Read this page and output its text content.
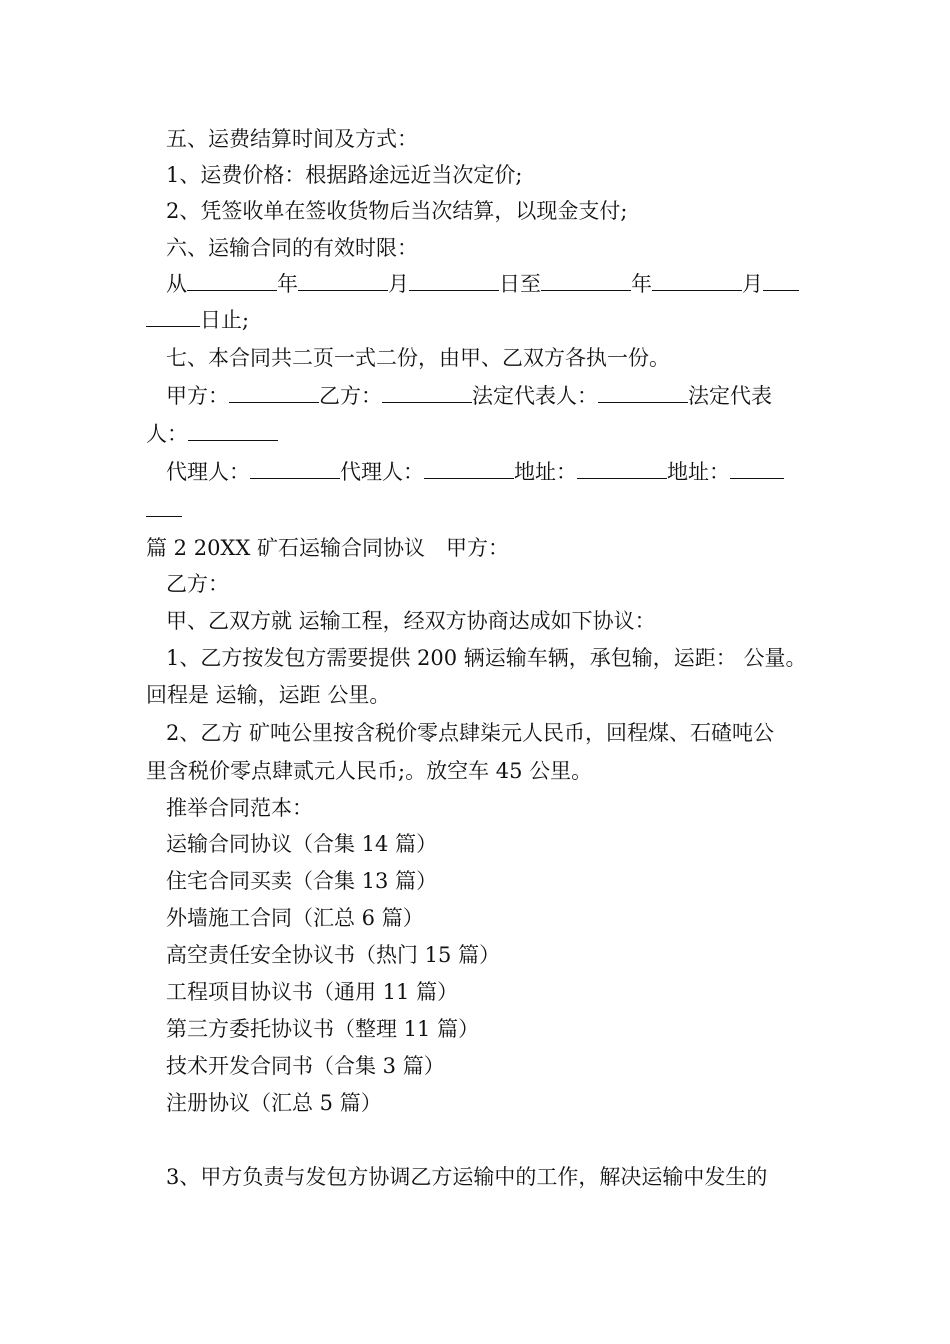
五、运费结算时间及方式：
1、运费价格：根据路途远近当次定价;
2、凭签收单在签收货物后当次结算，以现金支付;
六、运输合同的有效时限：
从	年	月	日至	年	月
日止;
七、本合同共二页一式二份，由甲、乙双方各执一份。
甲方：	乙方：	法定代表人：	法定代表
人：
代理人：	代理人：	地址：	地址：
篇 2 20XX 矿石运输合同协议　甲方：
乙方：
甲、乙双方就 运输工程，经双方协商达成如下协议：
1、乙方按发包方需要提供 200 辆运输车辆，承包输，运距： 公量。
回程是 运输，运距 公里。
2、乙方 矿吨公里按含税价零点肆柒元人民币，回程煤、石碴吨公
里含税价零点肆贰元人民币;。放空车 45 公里。
推举合同范本：
运输合同协议（合集 14 篇）
住宅合同买卖（合集 13 篇）
外墙施工合同（汇总 6 篇）
高空责任安全协议书（热门 15 篇）
工程项目协议书（通用 11 篇）
第三方委托协议书（整理 11 篇）
技术开发合同书（合集 3 篇）
注册协议（汇总 5 篇）
3、甲方负责与发包方协调乙方运输中的工作，解决运输中发生的
